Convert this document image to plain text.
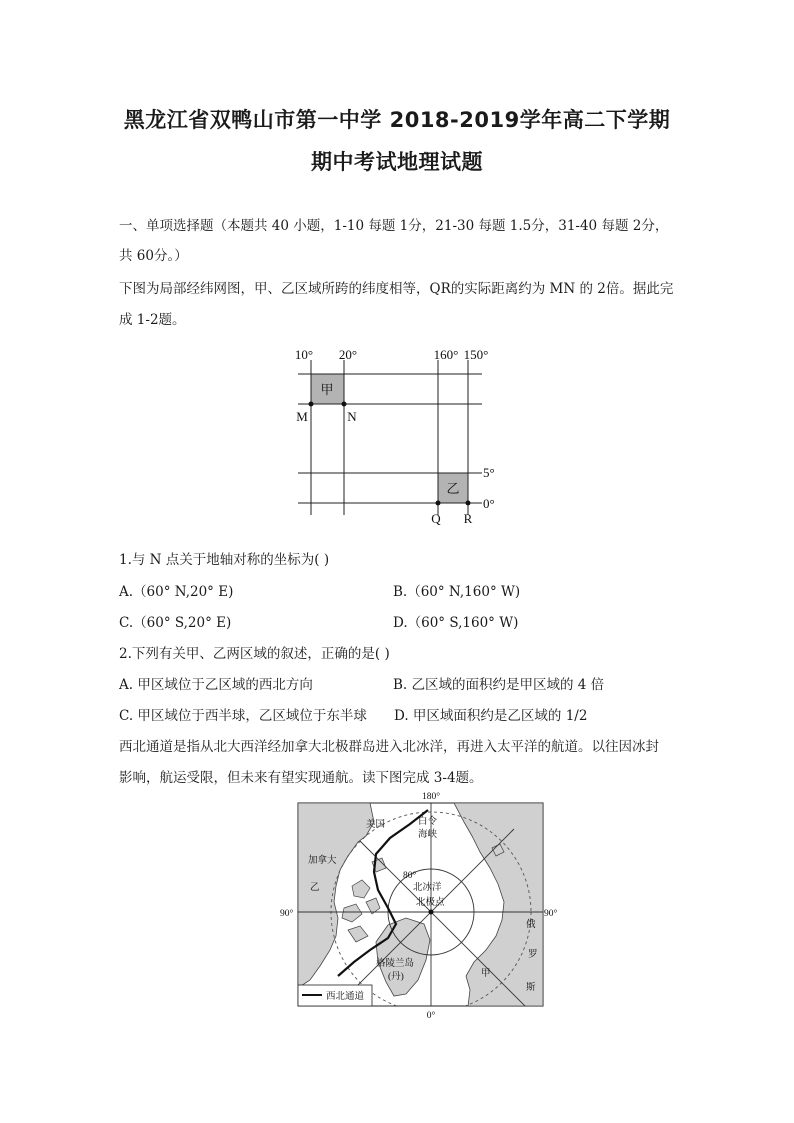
黑龙江省双鸭山市第一中学 2018-2019学年高二下学期
期中考试地理试题
一、单项选择题（本题共 40 小题，1-10 每题 1分，21-30 每题 1.5分，31-40 每题 2分，
共 60分。）
下图为局部经纬网图，甲、乙区域所跨的纬度相等，QR的实际距离约为 MN 的 2倍。据此完
成 1-2题。
10° 20°	160° 150°
5°
0°
甲
乙
M	N
Q R
1.与 N 点关于地轴对称的坐标为( )
A.（60° N,20° E)	B.（60° N,160° W)
C.（60° S,20° E)	D.（60° S,160° W)
2.下列有关甲、乙两区域的叙述，正确的是( )
A. 甲区域位于乙区域的西北方向	B. 乙区域的面积约是甲区域的 4 倍
C. 甲区域位于西半球，乙区域位于东半球 D. 甲区域面积约是乙区域的 1/2
西北通道是指从北大西洋经加拿大北极群岛进入北冰洋，再进入太平洋的航道。以往因冰封
影响，航运受限，但未来有望实现通航。读下图完成 3-4题。
西北通道
180°
0°
90°	90°
美国	白令
海峡
加拿大
乙
80°
北冰洋
北极点
格陵兰岛
(丹)	甲
俄
罗
斯
